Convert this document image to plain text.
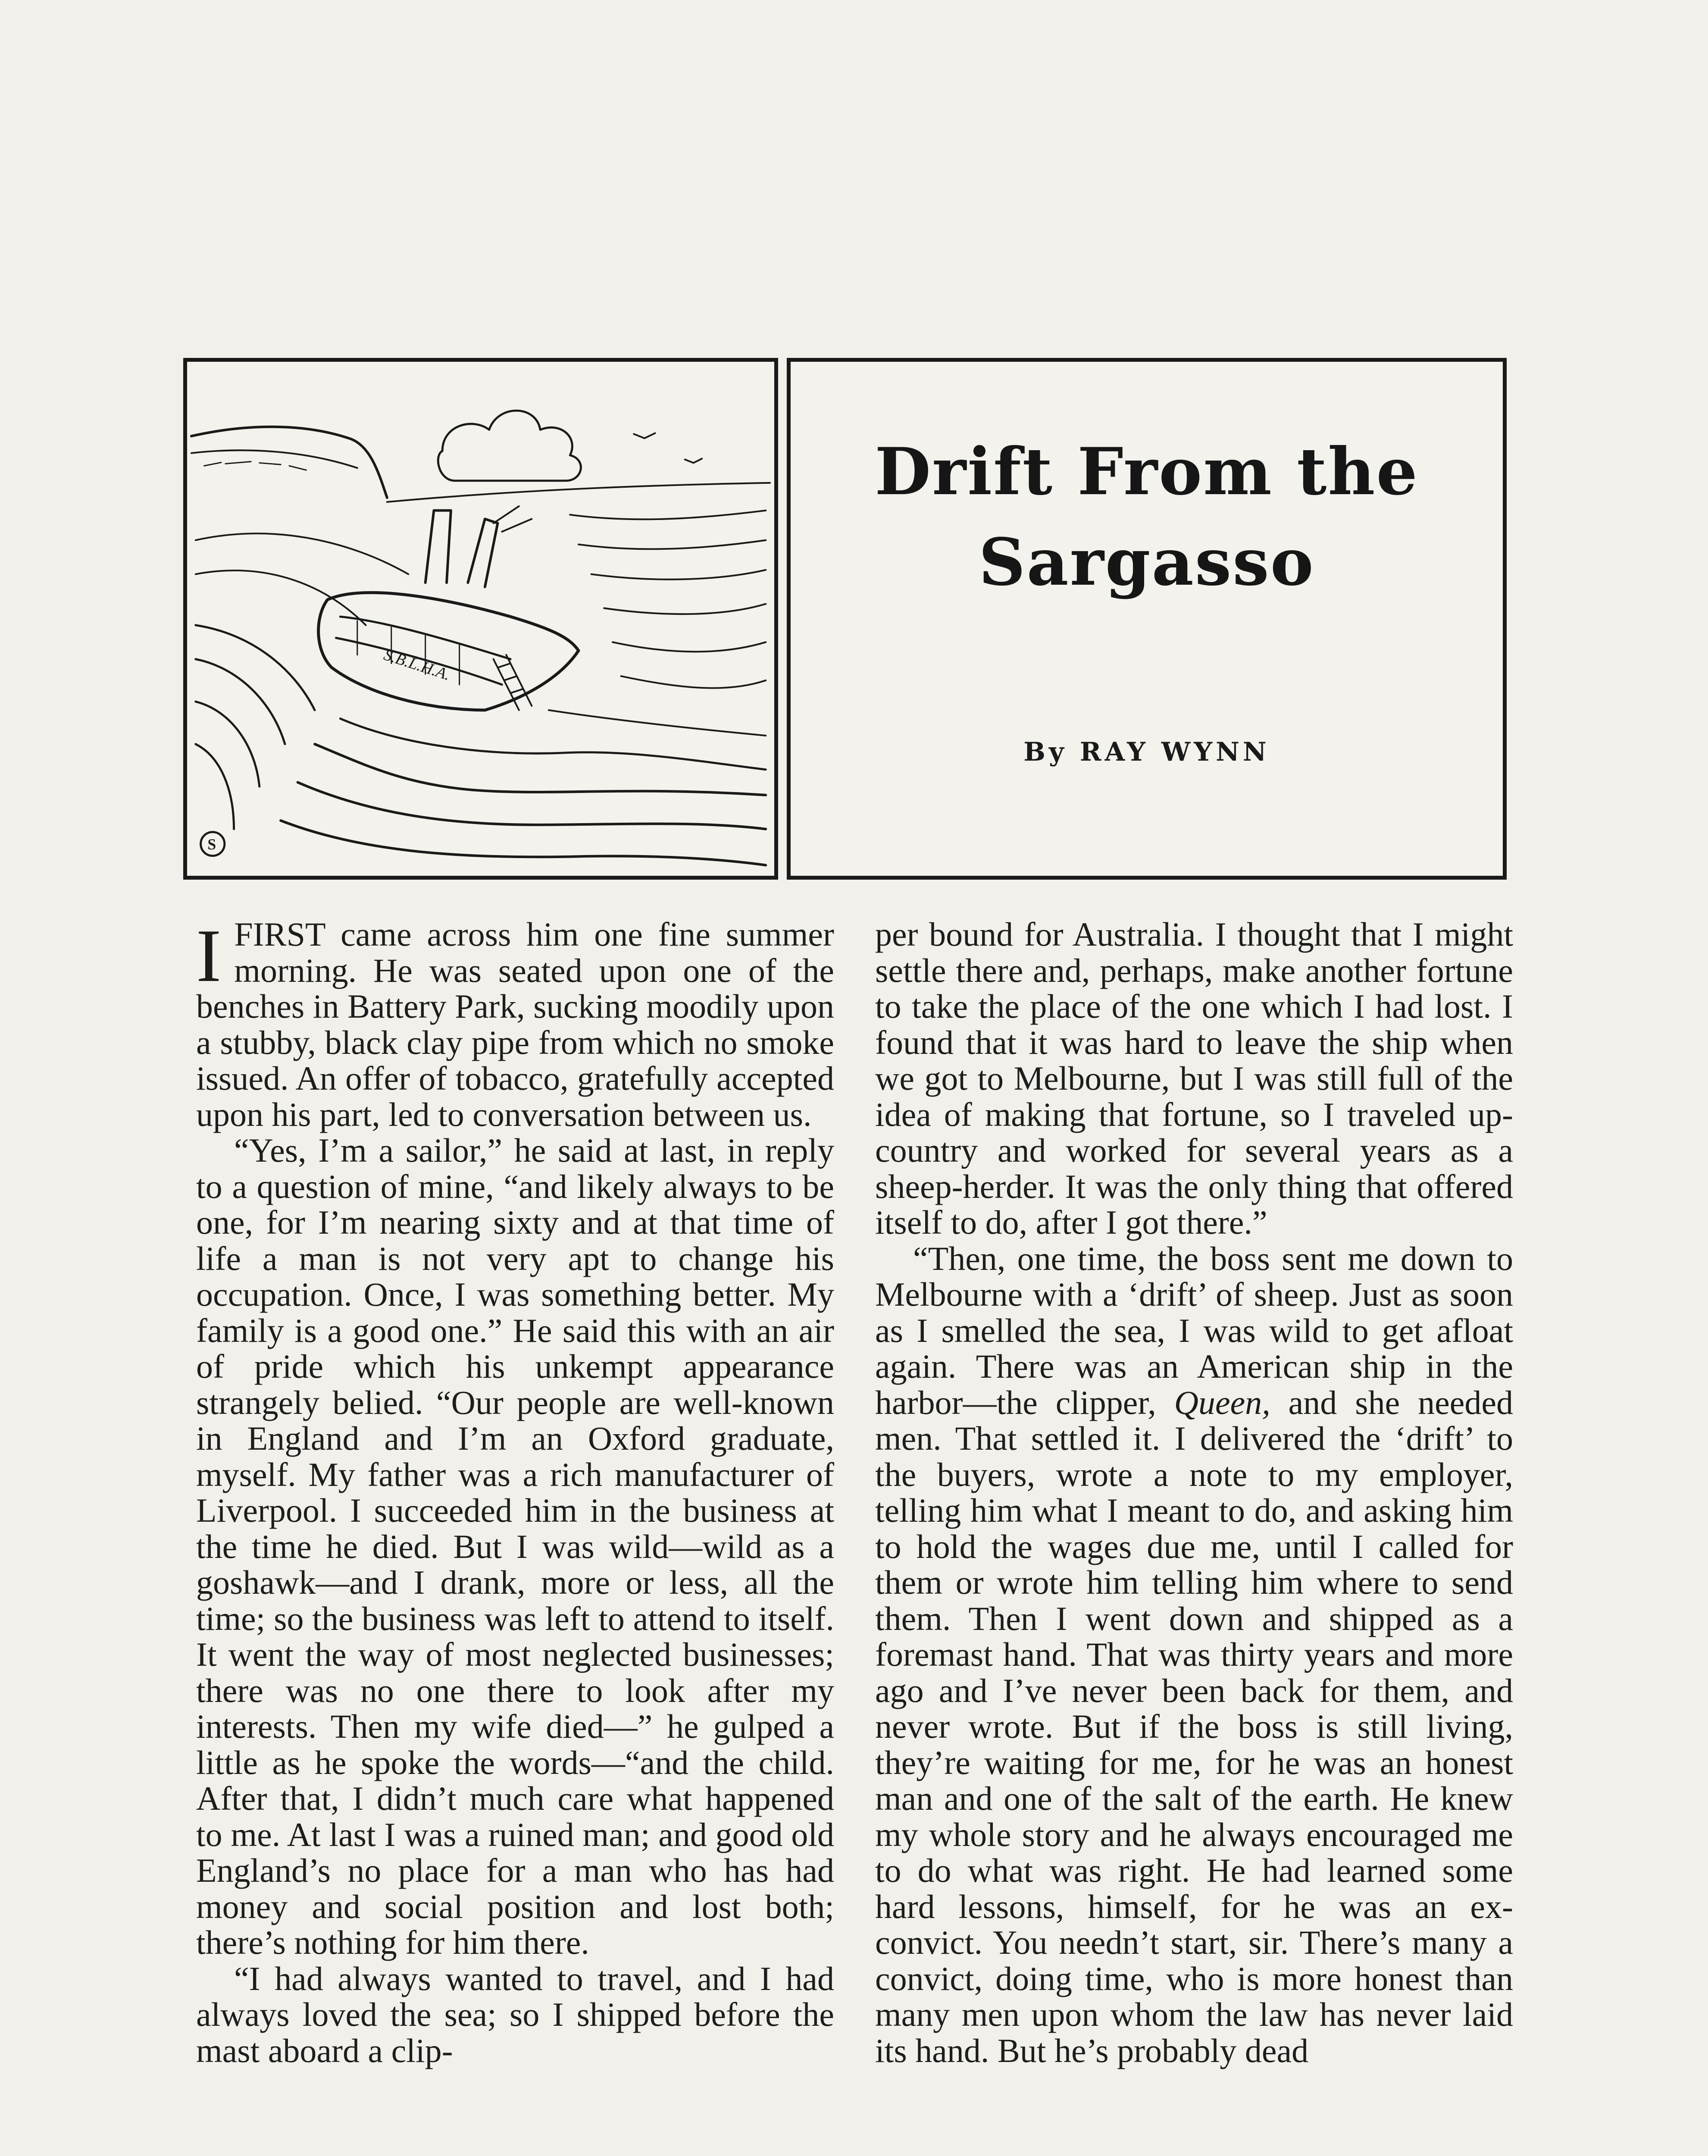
S.B.L.H.A.
S
Drift From the
Sargasso
By RAY WYNN

I FIRST came across him one fine summer morning. He was seated upon one of the benches in Battery Park, sucking moodily upon a stubby, black clay pipe from which no smoke issued. An offer of tobacco, gratefully accepted upon his part, led to conversation between us.

“Yes, I’m a sailor,” he said at last, in reply to a question of mine, “and likely always to be one, for I’m nearing sixty and at that time of life a man is not very apt to change his occupation. Once, I was something better. My family is a good one.” He said this with an air of pride which his unkempt appearance strangely belied. “Our people are well-known in England and I’m an Oxford graduate, myself. My father was a rich manufacturer of Liverpool. I succeeded him in the business at the time he died. But I was wild—wild as a goshawk—and I drank, more or less, all the time; so the business was left to attend to itself. It went the way of most neglected businesses; there was no one there to look after my interests. Then my wife died—” he gulped a little as he spoke the words—“and the child. After that, I didn’t much care what happened to me. At last I was a ruined man; and good old England’s no place for a man who has had money and social position and lost both; there’s nothing for him there.

“I had always wanted to travel, and I had always loved the sea; so I shipped before the mast aboard a clip-

per bound for Australia. I thought that I might settle there and, perhaps, make another fortune to take the place of the one which I had lost. I found that it was hard to leave the ship when we got to Melbourne, but I was still full of the idea of making that fortune, so I traveled up-country and worked for several years as a sheep-herder. It was the only thing that offered itself to do, after I got there.”

“Then, one time, the boss sent me down to Melbourne with a ‘drift’ of sheep. Just as soon as I smelled the sea, I was wild to get afloat again. There was an American ship in the harbor—the clipper, Queen, and she needed men. That settled it. I delivered the ‘drift’ to the buyers, wrote a note to my employer, telling him what I meant to do, and asking him to hold the wages due me, until I called for them or wrote him telling him where to send them. Then I went down and shipped as a foremast hand. That was thirty years and more ago and I’ve never been back for them, and never wrote. But if the boss is still living, they’re waiting for me, for he was an honest man and one of the salt of the earth. He knew my whole story and he always encouraged me to do what was right. He had learned some hard lessons, himself, for he was an ex-convict. You needn’t start, sir. There’s many a convict, doing time, who is more honest than many men upon whom the law has never laid its hand. But he’s probably dead
